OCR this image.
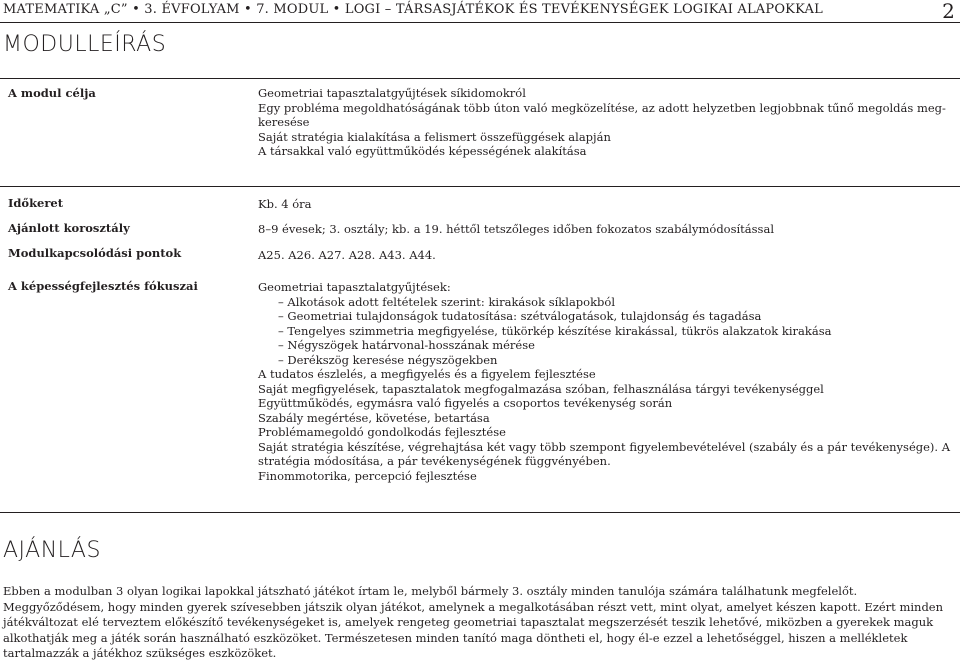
MATEMATIKA „C” • 3. ÉVFOLYAM • 7. MODUL • LOGI – TÁRSASJÁTÉKOK ÉS TEVÉKENYSÉGEK LOGIKAI ALAPOKKAL	2
MODULLEÍRÁS
A modul célja	Geometriai tapasztalatgyűjtések síkidomokról
Egy probléma megoldhatóságának több úton való megközelítése, az adott helyzetben legjobbnak tűnő megoldás meg-keresése
Saját stratégia kialakítása a felismert összefüggések alapján
A társakkal való együttműködés képességének alakítása
Időkeret	Kb. 4 óra
Ajánlott korosztály	8–9 évesek; 3. osztály; kb. a 19. héttől tetszőleges időben fokozatos szabálymódosítással
Modulkapcsolódási pontok	A25. A26. A27. A28. A43. A44.
A képességfejlesztés fókuszai	Geometriai tapasztalatgyűjtések:
– Alkotások adott feltételek szerint: kirakások síklapokból
– Geometriai tulajdonságok tudatosítása: szétválogatások, tulajdonság és tagadása
– Tengelyes szimmetria megfigyelése, tükörkép készítése kirakással, tükrös alakzatok kirakása
– Négyszögek határvonal-hosszának mérése
– Derékszög keresése négyszögekben
A tudatos észlelés, a megfigyelés és a figyelem fejlesztése
Saját megfigyelések, tapasztalatok megfogalmazása szóban, felhasználása tárgyi tevékenységgel
Együttműködés, egymásra való figyelés a csoportos tevékenység során
Szabály megértése, követése, betartása
Problémamegoldó gondolkodás fejlesztése
Saját stratégia készítése, végrehajtása két vagy több szempont figyelembevételével (szabály és a pár tevékenysége). A stratégia módosítása, a pár tevékenységének függvényében.
Finommotorika, percepció fejlesztése
AJÁNLÁS
Ebben a modulban 3 olyan logikai lapokkal játszható játékot írtam le, melyből bármely 3. osztály minden tanulója számára találhatunk megfelelőt.
Meggyőződésem, hogy minden gyerek szívesebben játszik olyan játékot, amelynek a megalkotásában részt vett, mint olyat, amelyet készen kapott. Ezért minden játékváltozat elé terveztem előkészítő tevékenységeket is, amelyek rengeteg geometriai tapasztalat megszerzését teszik lehetővé, miközben a gyerekek maguk alkothatják meg a játék során használható eszközöket. Természetesen minden tanító maga döntheti el, hogy él-e ezzel a lehetőséggel, hiszen a mellékletek tartalmazzák a játékhoz szükséges eszközöket.
